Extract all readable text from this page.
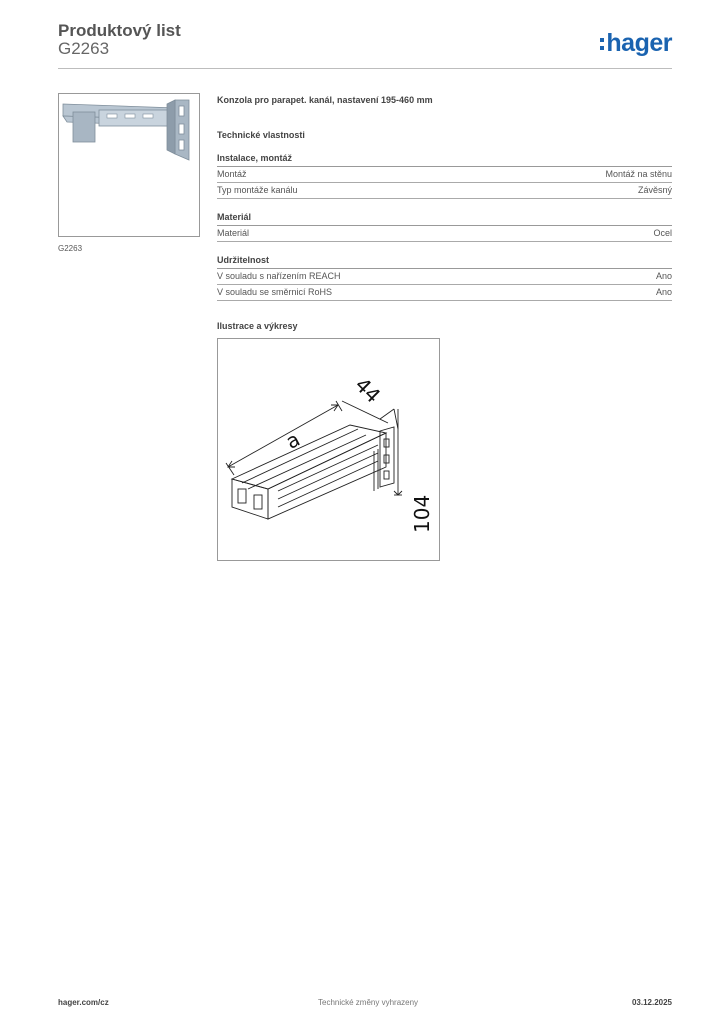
Produktový list
G2263	hager
G2263
Konzola pro parapet. kanál, nastavení 195-460 mm
Technické vlastnosti
Instalace, montáž
Montáž	Montáž na stěnu
Typ montáže kanálu	Závěsný
Materiál
Materiál	Ocel
Udržitelnost
V souladu s nařízením REACH	Ano
V souladu se směrnicí RoHS	Ano
Ilustrace a výkresy
a
44
104
hager.com/cz	Technické změny vyhrazeny	03.12.2025
